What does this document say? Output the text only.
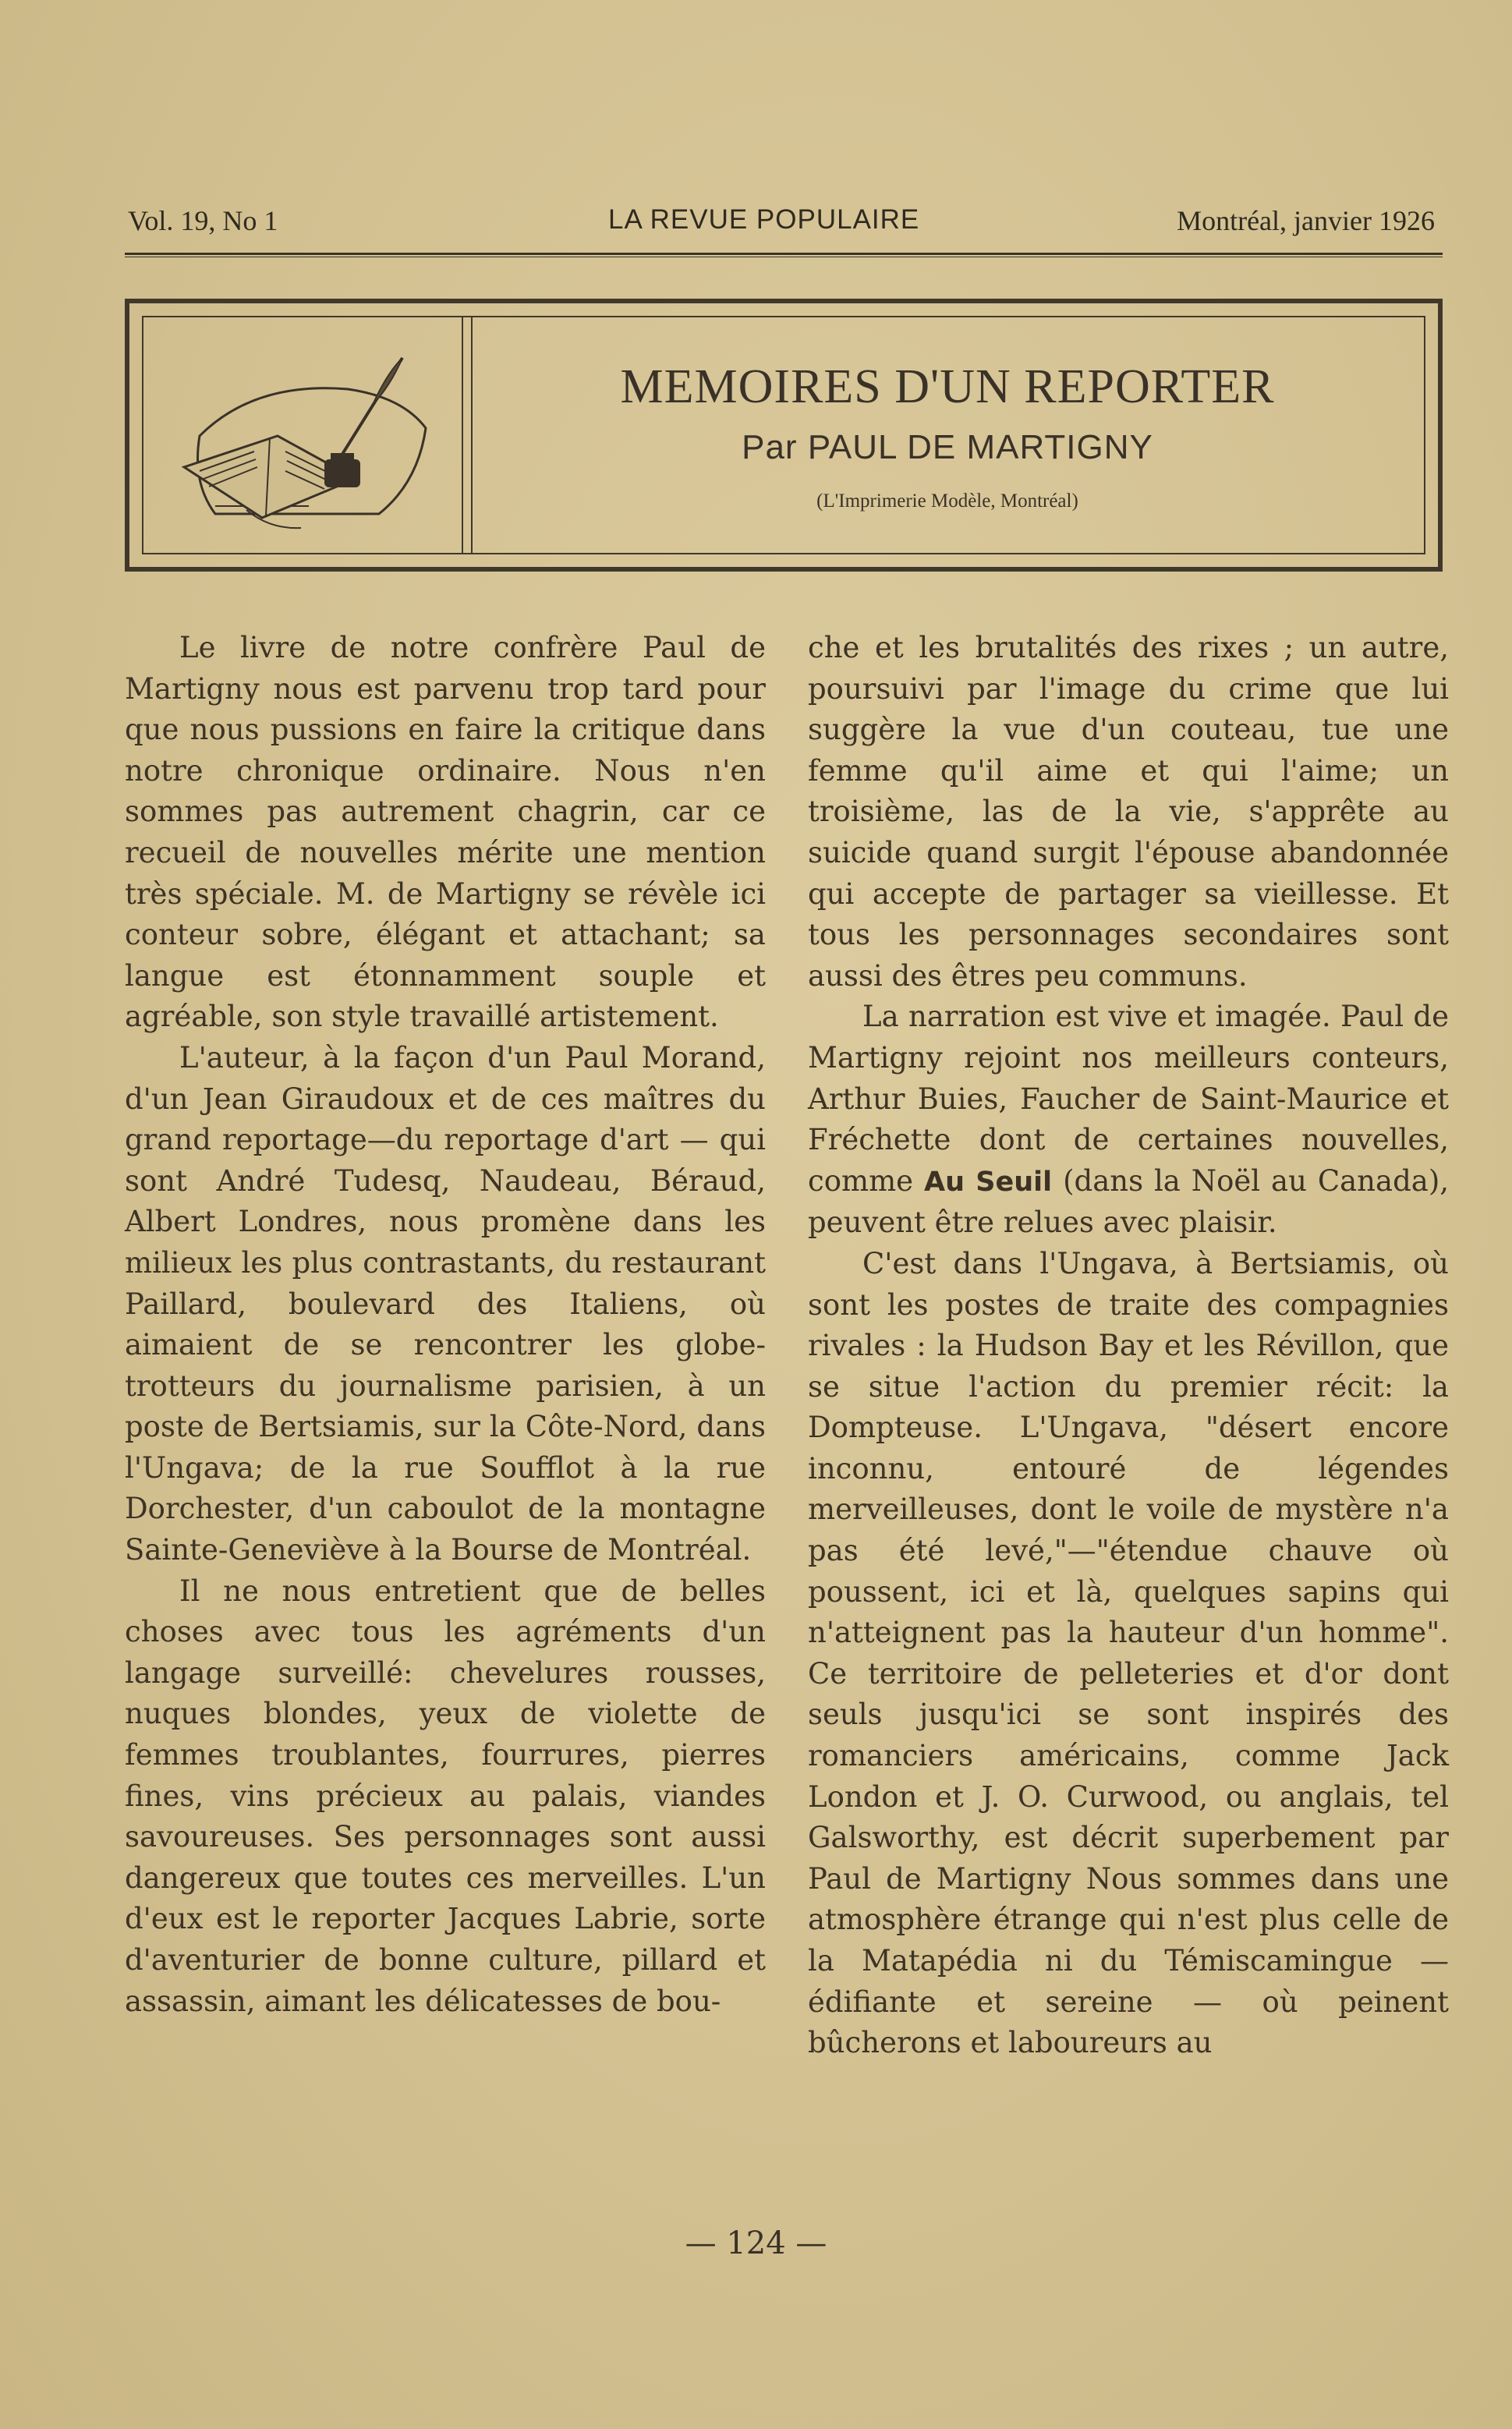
Vol. 19, No 1	LA REVUE POPULAIRE	Montréal, janvier 1926
MEMOIRES D'UN REPORTER
Par PAUL DE MARTIGNY
(L'Imprimerie Modèle, Montréal)

Le livre de notre confrère Paul de Martigny nous est parvenu trop tard pour que nous pussions en faire la critique dans notre chronique ordinaire. Nous n'en sommes pas autrement chagrin, car ce recueil de nouvelles mérite une mention très spéciale. M. de Martigny se révèle ici conteur sobre, élégant et attachant; sa langue est étonnamment souple et agréable, son style travaillé artistement.

L'auteur, à la façon d'un Paul Morand, d'un Jean Giraudoux et de ces maîtres du grand reportage—du reportage d'art — qui sont André Tudesq, Naudeau, Béraud, Albert Londres, nous promène dans les milieux les plus contrastants, du restaurant Paillard, boulevard des Italiens, où aimaient de se rencontrer les globe-trotteurs du journalisme parisien, à un poste de Bertsiamis, sur la Côte-Nord, dans l'Ungava; de la rue Soufflot à la rue Dorchester, d'un caboulot de la montagne Sainte-Geneviève à la Bourse de Montréal.

Il ne nous entretient que de belles choses avec tous les agréments d'un langage surveillé: chevelures rousses, nuques blondes, yeux de violette de femmes troublantes, fourrures, pierres fines, vins précieux au palais, viandes savoureuses. Ses personnages sont aussi dangereux que toutes ces merveilles. L'un d'eux est le reporter Jacques Labrie, sorte d'aventurier de bonne culture, pillard et assassin, aimant les délicatesses de bou-

che et les brutalités des rixes ; un autre, poursuivi par l'image du crime que lui suggère la vue d'un couteau, tue une femme qu'il aime et qui l'aime; un troisième, las de la vie, s'apprête au suicide quand surgit l'épouse abandonnée qui accepte de partager sa vieillesse. Et tous les personnages secondaires sont aussi des êtres peu communs.

La narration est vive et imagée. Paul de Martigny rejoint nos meilleurs conteurs, Arthur Buies, Faucher de Saint-Maurice et Fréchette dont de certaines nouvelles, comme Au Seuil (dans la Noël au Canada), peuvent être relues avec plaisir.

C'est dans l'Ungava, à Bertsiamis, où sont les postes de traite des compagnies rivales : la Hudson Bay et les Révillon, que se situe l'action du premier récit: la Dompteuse. L'Ungava, "désert encore inconnu, entouré de légendes merveilleuses, dont le voile de mystère n'a pas été levé,"—"étendue chauve où poussent, ici et là, quelques sapins qui n'atteignent pas la hauteur d'un homme". Ce territoire de pelleteries et d'or dont seuls jusqu'ici se sont inspirés des romanciers américains, comme Jack London et J. O. Curwood, ou anglais, tel Galsworthy, est décrit superbement par Paul de Martigny Nous sommes dans une atmosphère étrange qui n'est plus celle de la Matapédia ni du Témiscamingue — édifiante et sereine — où peinent bûcherons et laboureurs au

— 124 —
